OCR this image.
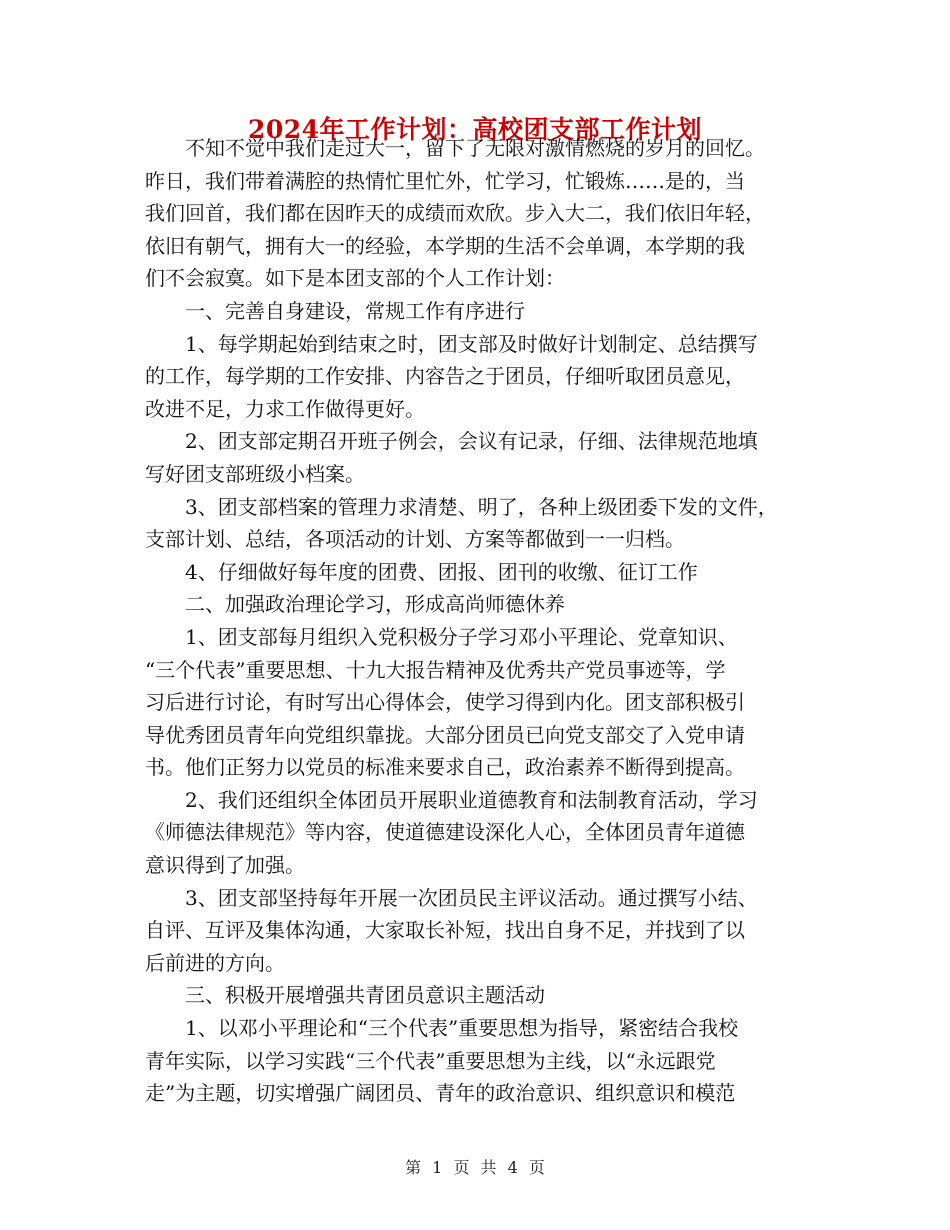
2024年工作计划：高校团支部工作计划
　　不知不觉中我们走过大一，留下了无限对激情燃烧的岁月的回忆。
昨日，我们带着满腔的热情忙里忙外，忙学习，忙锻炼……是的，当
我们回首，我们都在因昨天的成绩而欢欣。步入大二，我们依旧年轻，
依旧有朝气，拥有大一的经验，本学期的生活不会单调，本学期的我
们不会寂寞。如下是本团支部的个人工作计划：
　　一、完善自身建设，常规工作有序进行
　　1、每学期起始到结束之时，团支部及时做好计划制定、总结撰写
的工作，每学期的工作安排、内容告之于团员，仔细听取团员意见，
改进不足，力求工作做得更好。
　　2、团支部定期召开班子例会，会议有记录，仔细、法律规范地填
写好团支部班级小档案。
　　3、团支部档案的管理力求清楚、明了，各种上级团委下发的文件，
支部计划、总结，各项活动的计划、方案等都做到一一归档。
　　4、仔细做好每年度的团费、团报、团刊的收缴、征订工作
　　二、加强政治理论学习，形成高尚师德休养
　　1、团支部每月组织入党积极分子学习邓小平理论、党章知识、
“三个代表”重要思想、十九大报告精神及优秀共产党员事迹等，学
习后进行讨论，有时写出心得体会，使学习得到内化。团支部积极引
导优秀团员青年向党组织靠拢。大部分团员已向党支部交了入党申请
书。他们正努力以党员的标准来要求自己，政治素养不断得到提高。
　　2、我们还组织全体团员开展职业道德教育和法制教育活动，学习
《师德法律规范》等内容，使道德建设深化人心，全体团员青年道德
意识得到了加强。
　　3、团支部坚持每年开展一次团员民主评议活动。通过撰写小结、
自评、互评及集体沟通，大家取长补短，找出自身不足，并找到了以
后前进的方向。
　　三、积极开展增强共青团员意识主题活动
　　1、以邓小平理论和“三个代表”重要思想为指导，紧密结合我校
青年实际，以学习实践“三个代表”重要思想为主线，以“永远跟党
走”为主题，切实增强广阔团员、青年的政治意识、组织意识和模范
第 1 页 共 4 页
